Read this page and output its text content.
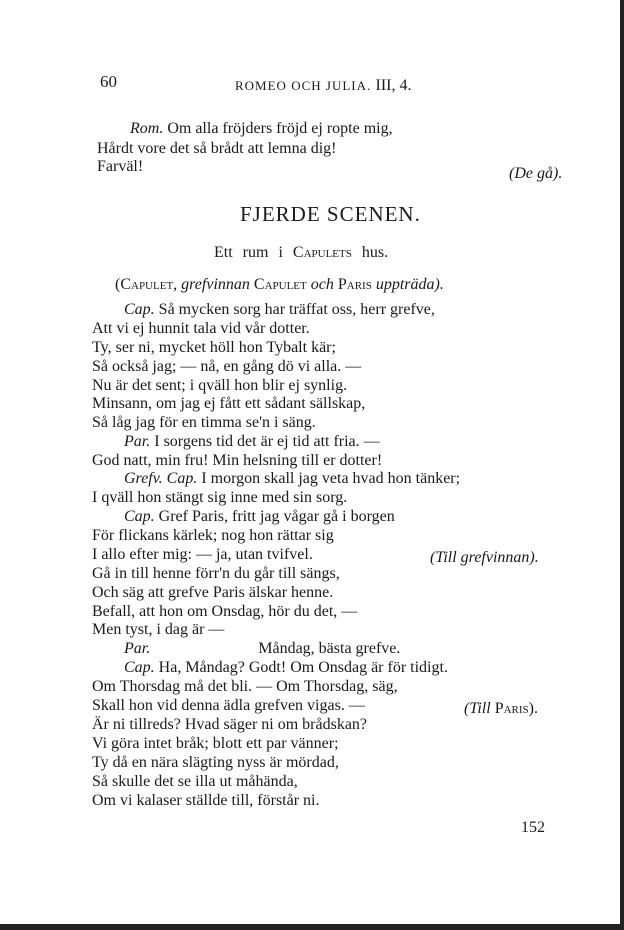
60	ROMEO OCH JULIA. III, 4.
Rom. Om alla fröjders fröjd ej ropte mig,
Hårdt vore det så brådt att lemna dig!
Farväl!	(De gå).
FJERDE SCENEN.
Ett rum i Capulets hus.
(Capulet, grefvinnan Capulet och Paris uppträda).
Cap. Så mycken sorg har träffat oss, herr grefve,
Att vi ej hunnit tala vid vår dotter.
Ty, ser ni, mycket höll hon Tybalt kär;
Så också jag; — nå, en gång dö vi alla. —
Nu är det sent; i qväll hon blir ej synlig.
Minsann, om jag ej fått ett sådant sällskap,
Så låg jag för en timma se'n i säng.
Par. I sorgens tid det är ej tid att fria. —
God natt, min fru! Min helsning till er dotter!
Grefv. Cap. I morgon skall jag veta hvad hon tänker;
I qväll hon stängt sig inne med sin sorg.
Cap. Gref Paris, fritt jag vågar gå i borgen
För flickans kärlek; nog hon rättar sig
I allo efter mig: — ja, utan tvifvel.	(Till grefvinnan).
Gå in till henne förr'n du går till sängs,
Och säg att grefve Paris älskar henne.
Befall, att hon om Onsdag, hör du det, —
Men tyst, i dag är —
Par.	Måndag, bästa grefve.
Cap. Ha, Måndag? Godt! Om Onsdag är för tidigt.
Om Thorsdag må det bli. — Om Thorsdag, säg,
Skall hon vid denna ädla grefven vigas. —	(Till Paris).
Är ni tillreds? Hvad säger ni om brådskan?
Vi göra intet bråk; blott ett par vänner;
Ty då en nära slägting nyss är mördad,
Så skulle det se illa ut måhända,
Om vi kalaser ställde till, förstår ni.
152
